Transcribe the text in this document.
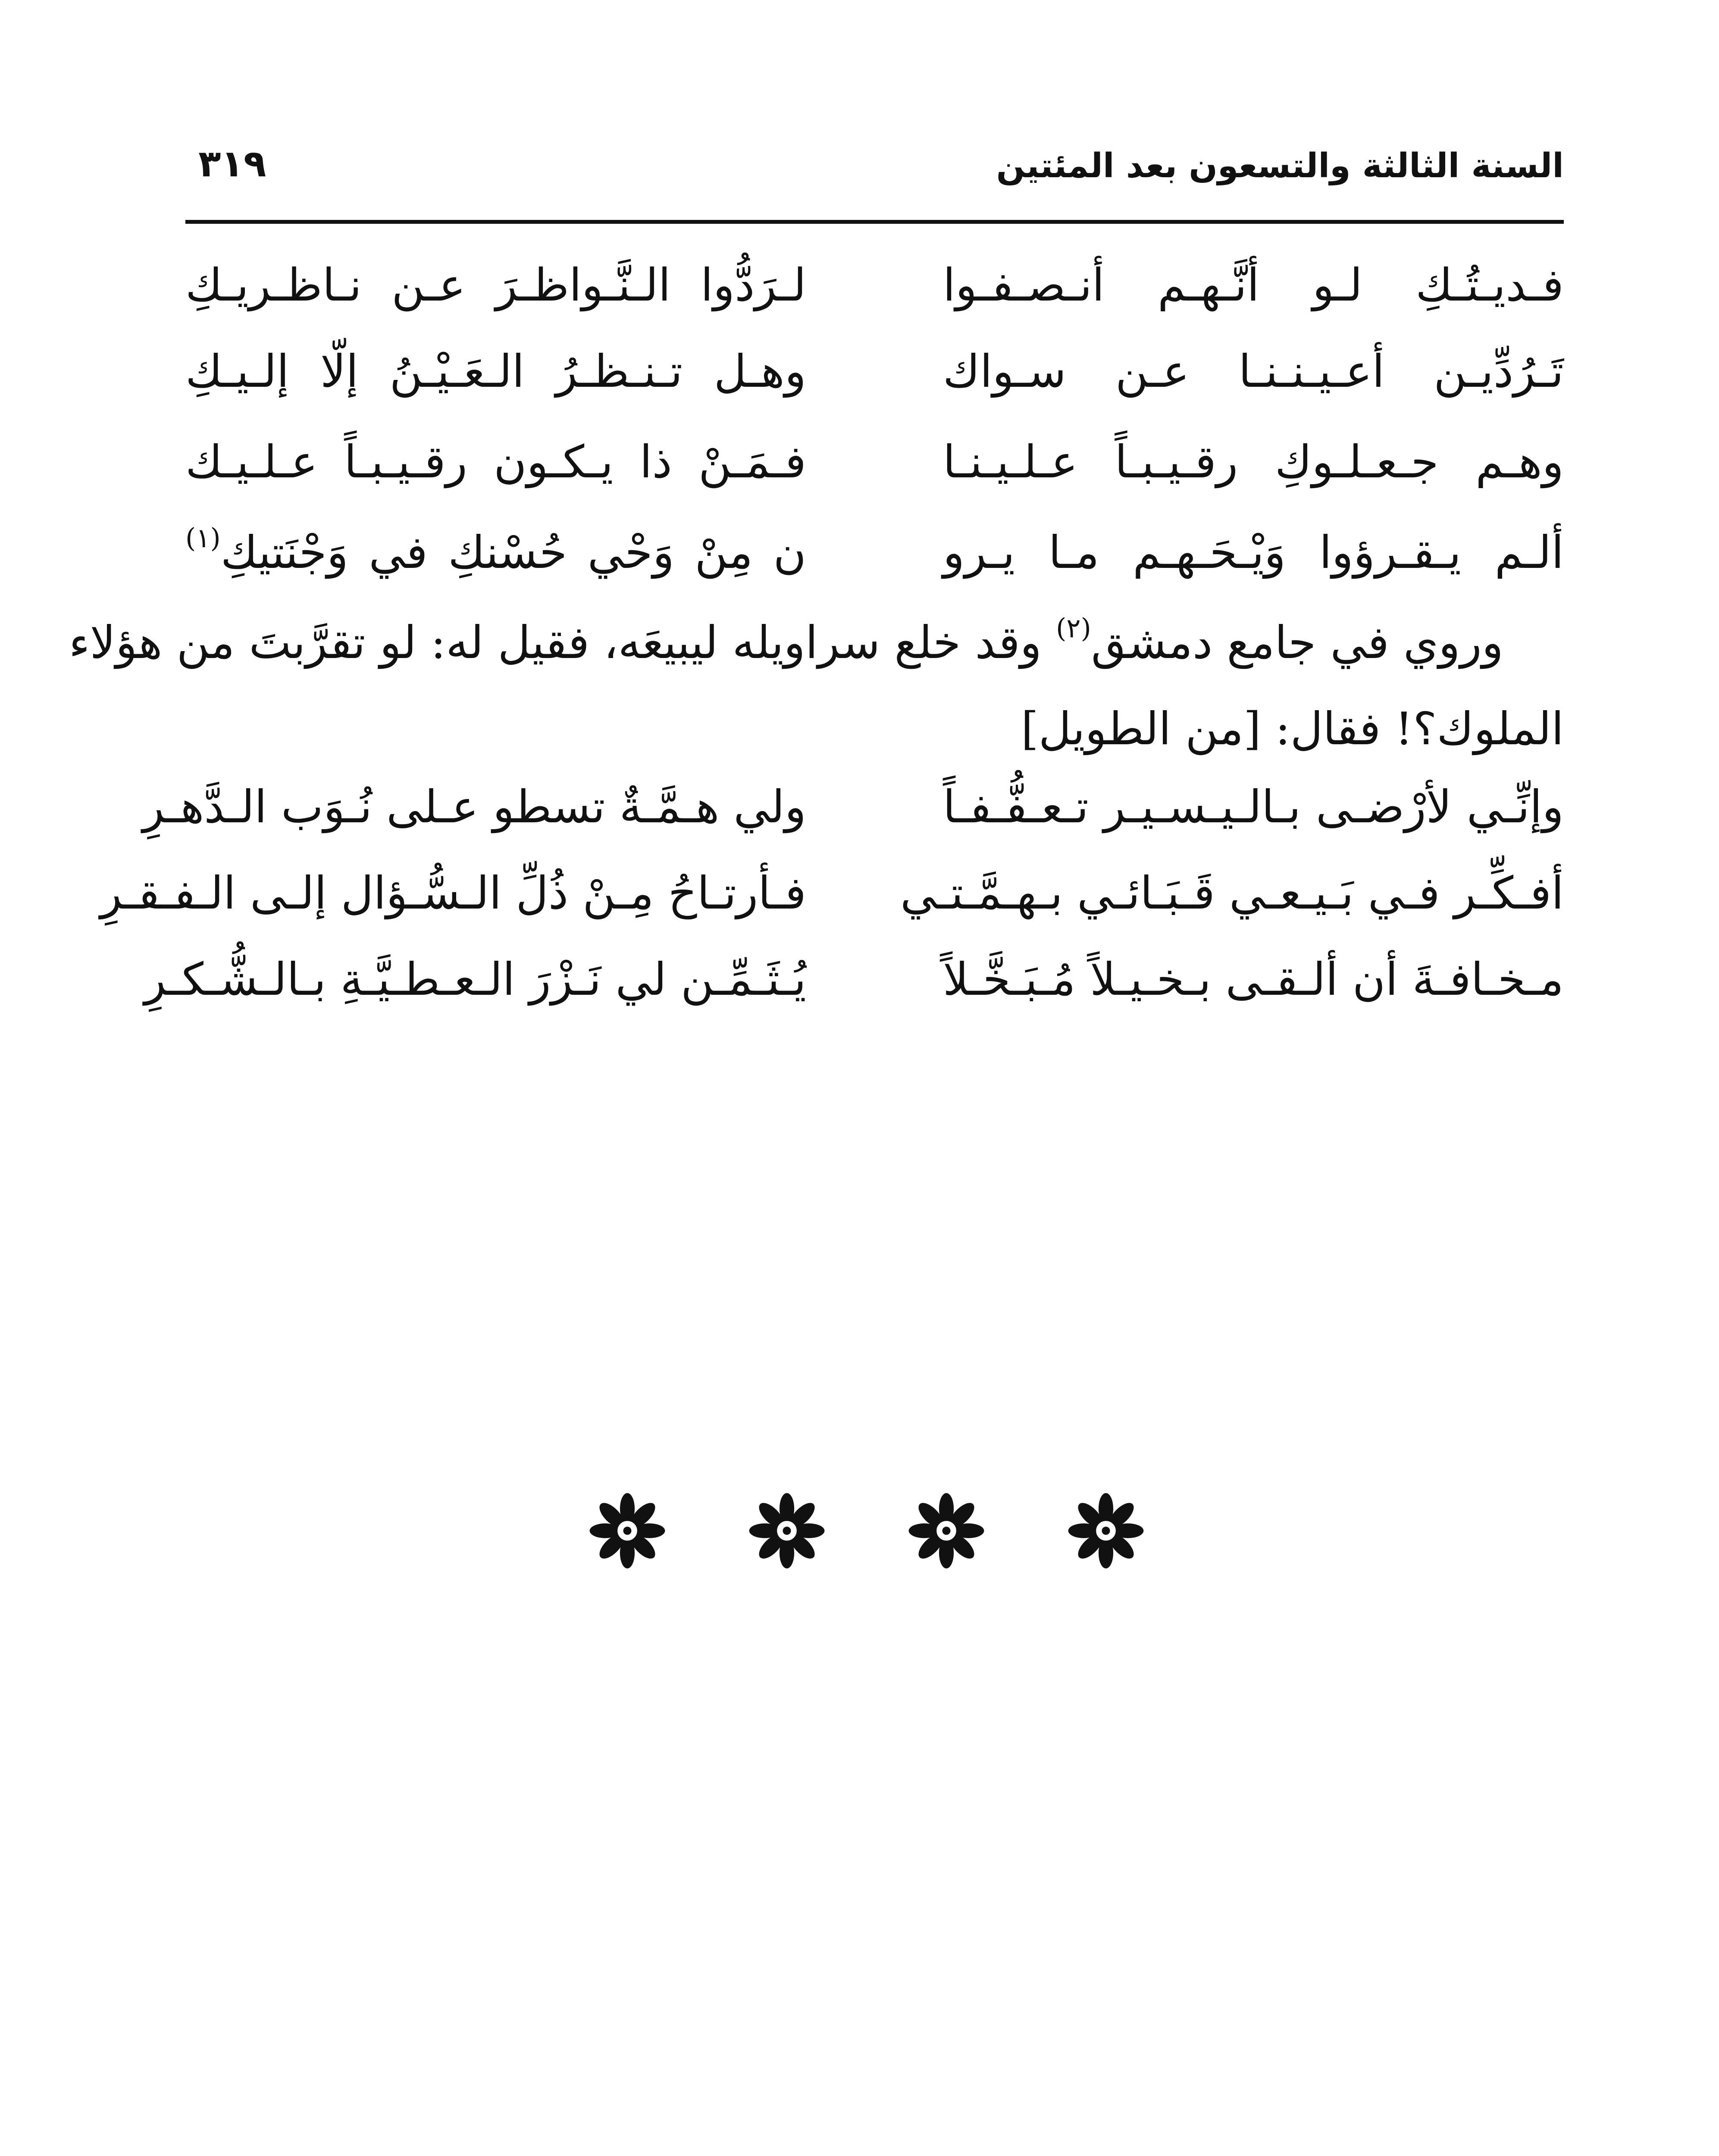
السنة الثالثة والتسعون بعد المئتين
٣١٩
فـديـتُـكِ لـو أنَّـهـم أنـصـفـوا
لـرَدُّوا الـنَّـواظـرَ عـن نـاظـريـكِ
تَـرُدِّيـن أعـيـنـنـا عـن سـواك
وهـل تـنـظـرُ الـعَـيْـنُ إلّا إلـيـكِ
وهـم جـعـلـوكِ رقـيـبـاً عـلـيـنـا
فـمَـنْ ذا يـكـون رقـيـبـاً عـلـيـك
ألـم يـقـرؤوا وَيْـحَـهـم مـا يـرو
ن مِنْ وَحْي حُسْنكِ في وَجْنَتيكِ$^{(١)}$
وروي في جامع دمشق$^{(٢)}$ وقد خلع سراويله ليبيعَه، فقيل له: لو تقرَّبتَ من هؤلاء
الملوك؟! فقال: [من الطويل]
وإنِّـي لأرْضـى بـالـيـسـيـر تـعـفُّـفـاً
ولي هـمَّـةٌ تسطو عـلى نُـوَب الـدَّهـرِ
أفـكِّـر فـي بَـيـعـي قَـبَـائـي بـهـمَّـتـي
فـأرتـاحُ مِـنْ ذُلِّ الـسُّـؤال إلـى الـفـقـرِ
مـخـافـةَ أن ألـقـى بـخـيـلاً مُـبَـخَّـلاً
يُـثَـمِّـن لي نَـزْرَ الـعـطـيَّـةِ بـالـشُّـكـرِ
